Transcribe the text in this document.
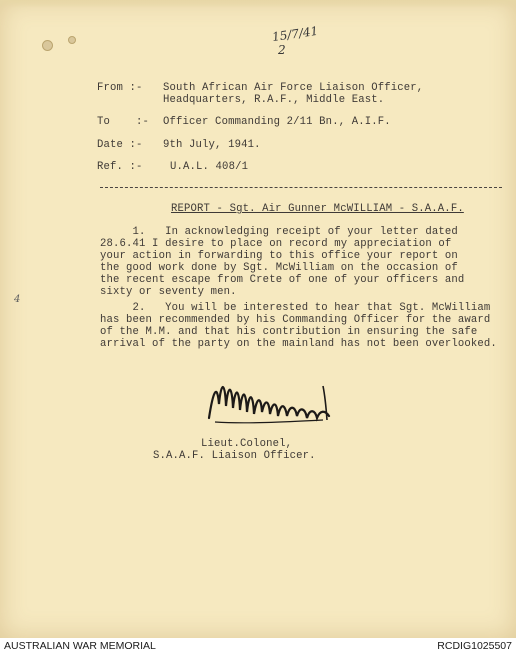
15/7/41
2
4
From :- South African Air Force Liaison Officer,
Headquarters, R.A.F., Middle East.
To    :- Officer Commanding 2/11 Bn., A.I.F.
Date :- 9th July, 1941.
Ref. :-	U.A.L. 408/1
REPORT - Sgt. Air Gunner McWILLIAM - S.A.A.F.
1.   In acknowledging receipt of your letter dated
28.6.41 I desire to place on record my appreciation of
your action in forwarding to this office your report on
the good work done by Sgt. McWilliam on the occasion of
the recent escape from Crete of one of your officers and
sixty or seventy men.
2.   You will be interested to hear that Sgt. McWilliam
has been recommended by his Commanding Officer for the award
of the M.M. and that his contribution in ensuring the safe
arrival of the party on the mainland has not been overlooked.
Lieut.Colonel,
S.A.A.F. Liaison Officer.
AUSTRALIAN WAR MEMORIAL	RCDIG1025507
